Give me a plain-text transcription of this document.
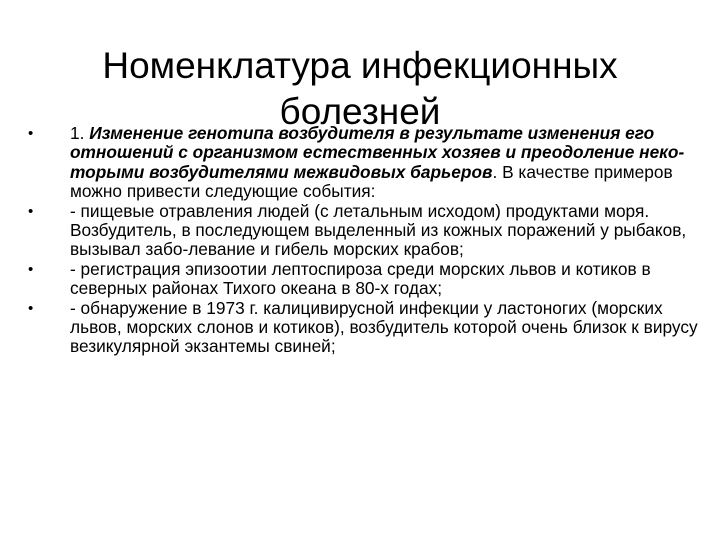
Номенклатура инфекционных
болезней
• 1. Изменение генотипа возбудителя в результате изменения его отношений с организмом естественных хозяев и преодоление неко-торыми возбудителями межвидовых барьеров. В качестве примеров можно привести следующие события:
• - пищевые отравления людей (с летальным исходом) продуктами моря. Возбудитель, в последующем выделенный из кожных поражений у рыбаков, вызывал забо-левание и гибель морских крабов;
• - регистрация эпизоотии лептоспироза среди морских львов и котиков в северных районах Тихого океана в 80-х годах;
• - обнаружение в 1973 г. калицивирусной инфекции у ластоногих (морских львов, морских слонов и котиков), возбудитель которой очень близок к вирусу везикулярной экзантемы свиней;
